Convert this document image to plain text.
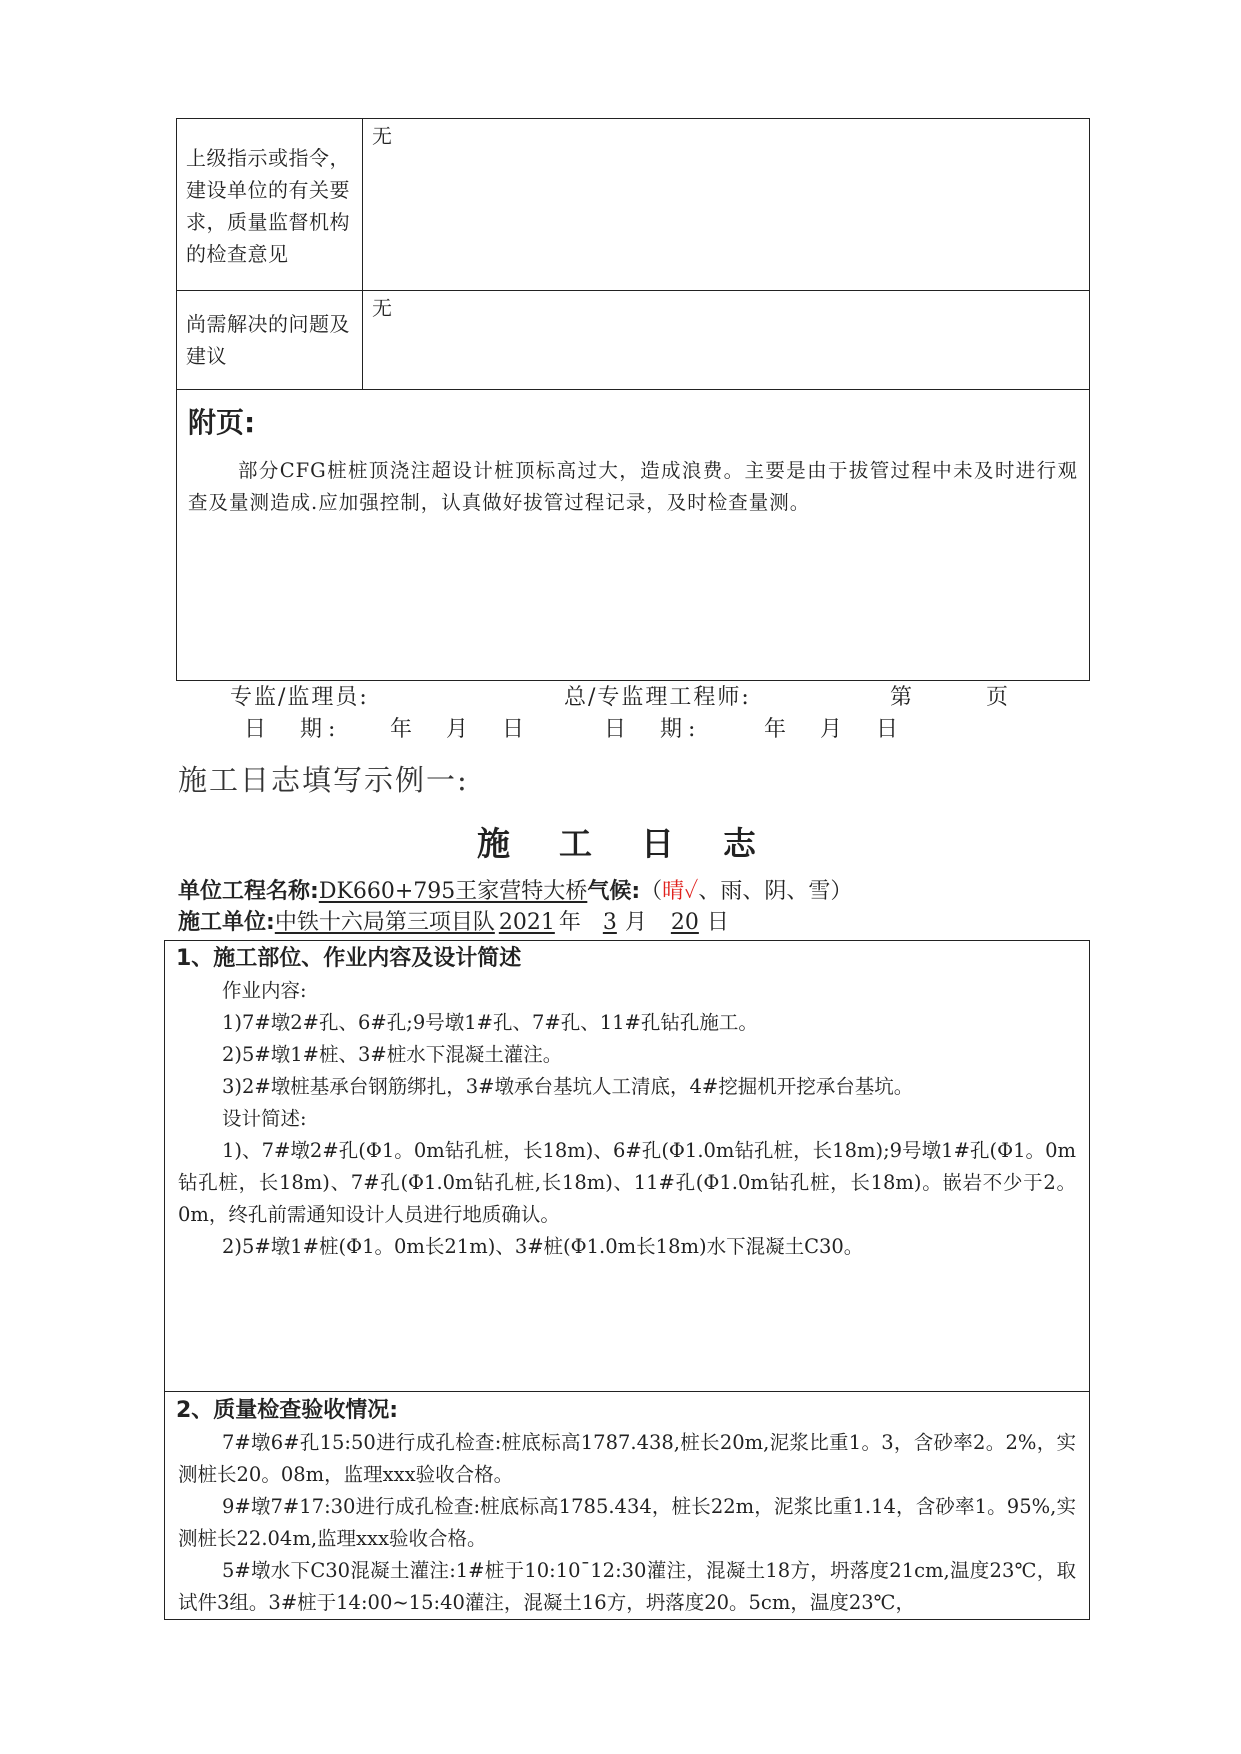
上级指示或指令，建设单位的有关要求，质量监督机构的检查意见
无
尚需解决的问题及建议
无
附页:
部分CFG桩桩顶浇注超设计桩顶标高过大，造成浪费。主要是由于拔管过程中未及时进行观查及量测造成.应加强控制，认真做好拔管过程记录，及时检查量测。
专监/监理员:	总/专监理工程师:	第　　页
日　期: 年　月　日	日　期:	年　月　日
施工日志填写示例一:
施　工　日　志
单位工程名称:DK660+795王家营特大桥气候:（晴✓、雨、阴、雪）
施工单位:中铁十六局第三项目队 2021 年 3 月 20 日
1、施工部位、作业内容及设计简述
作业内容:
1)7#墩2#孔、6#孔;9号墩1#孔、7#孔、11#孔钻孔施工。
2)5#墩1#桩、3#桩水下混凝土灌注。
3)2#墩桩基承台钢筋绑扎，3#墩承台基坑人工清底，4#挖掘机开挖承台基坑。
设计简述:
1)、7#墩2#孔(Φ1。0m钻孔桩，长18m)、6#孔(Φ1.0m钻孔桩，长18m);9号墩1#孔(Φ1。0m钻孔桩，长18m)、7#孔(Φ1.0m钻孔桩,长18m)、11#孔(Φ1.0m钻孔桩，长18m)。嵌岩不少于2。0m，终孔前需通知设计人员进行地质确认。
2)5#墩1#桩(Φ1。0m长21m)、3#桩(Φ1.0m长18m)水下混凝土C30。
2、质量检查验收情况:
7#墩6#孔15:50进行成孔检查:桩底标高1787.438,桩长20m,泥浆比重1。3，含砂率2。2%，实测桩长20。08m，监理xxx验收合格。
9#墩7#17:30进行成孔检查:桩底标高1785.434，桩长22m，泥浆比重1.14，含砂率1。95%,实测桩长22.04m,监理xxx验收合格。
5#墩水下C30混凝土灌注:1#桩于10:10¯12:30灌注，混凝土18方，坍落度21cm,温度23℃，取试件3组。3#桩于14:00~15:40灌注，混凝土16方，坍落度20。5cm，温度23℃，
